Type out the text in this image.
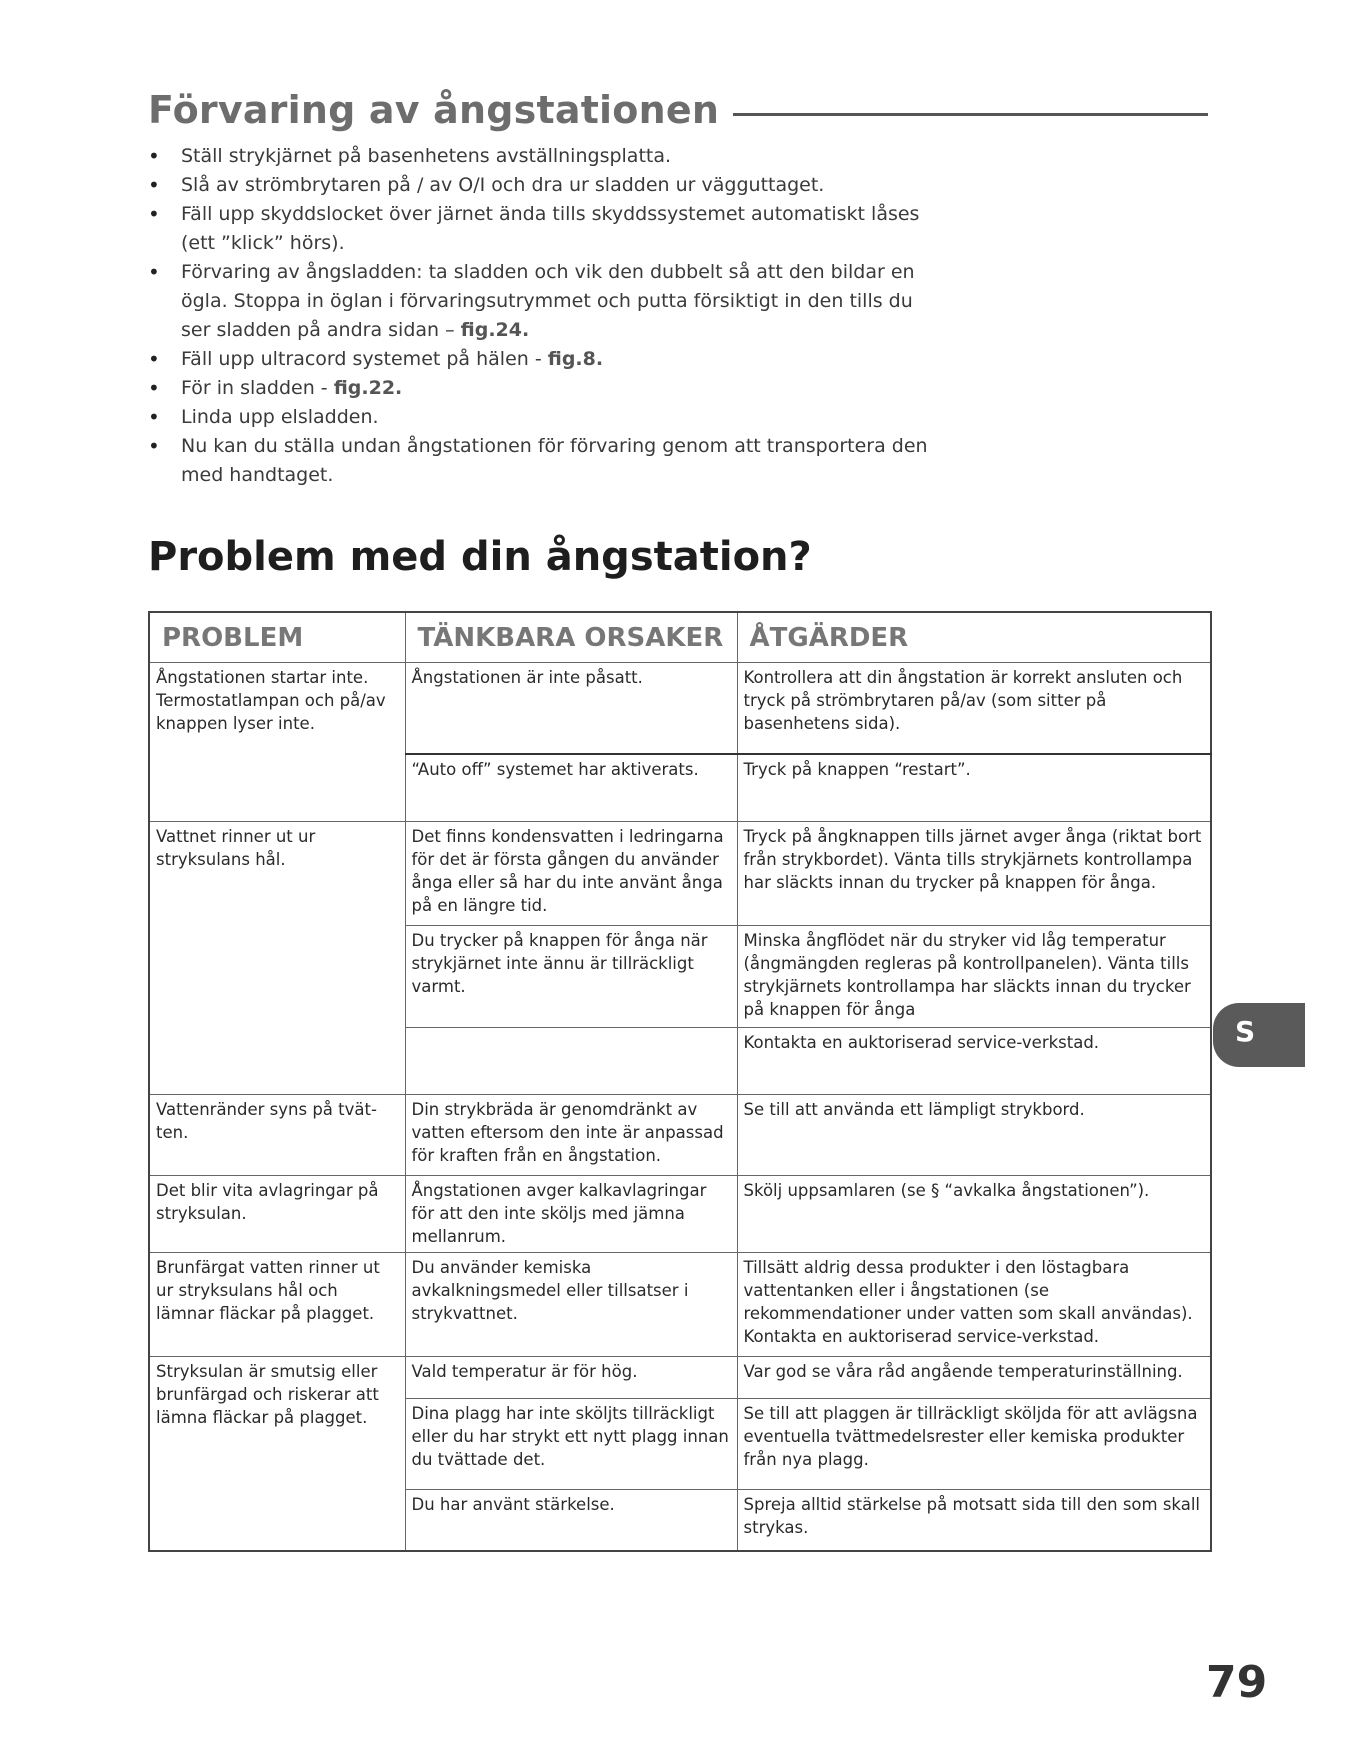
Förvaring av ångstationen
• Ställ strykjärnet på basenhetens avställningsplatta.
• Slå av strömbrytaren på / av O/I och dra ur sladden ur vägguttaget.
• Fäll upp skyddslocket över järnet ända tills skyddssystemet automatiskt låses (ett ”klick” hörs).
• Förvaring av ångsladden: ta sladden och vik den dubbelt så att den bildar en ögla. Stoppa in öglan i förvaringsutrymmet och putta försiktigt in den tills du ser sladden på andra sidan – fig.24.
• Fäll upp ultracord systemet på hälen - fig.8.
• För in sladden - fig.22.
• Linda upp elsladden.
• Nu kan du ställa undan ångstationen för förvaring genom att transportera den med handtaget.
Problem med din ångstation?
PROBLEM	TÄNKBARA ORSAKER	ÅTGÄRDER
Ångstationen startar inte. Termostatlampan och på/av knappen lyser inte.	Ångstationen är inte påsatt.	Kontrollera att din ångstation är korrekt ansluten och tryck på strömbrytaren på/av (som sitter på basenhetens sida).
	“Auto off” systemet har aktiverats.	Tryck på knappen “restart”.
Vattnet rinner ut ur stryksulans hål.	Det finns kondensvatten i ledringarna för det är första gången du använder ånga eller så har du inte använt ånga på en längre tid.	Tryck på ångknappen tills järnet avger ånga (riktat bort från strykbordet). Vänta tills strykjärnets kontrollampa har släckts innan du trycker på knappen för ånga.
	Du trycker på knappen för ånga när strykjärnet inte ännu är tillräckligt varmt.	Minska ångflödet när du stryker vid låg temperatur (ångmängden regleras på kontrollpanelen). Vänta tills strykjärnets kontrollampa har släckts innan du trycker på knappen för ånga
		Kontakta en auktoriserad service-verkstad.
Vattenränder syns på tvät-ten.	Din strykbräda är genomdränkt av vatten eftersom den inte är anpassad för kraften från en ångstation.	Se till att använda ett lämpligt strykbord.
Det blir vita avlagringar på stryksulan.	Ångstationen avger kalkavlagringar för att den inte sköljs med jämna mellanrum.	Skölj uppsamlaren (se § “avkalka ångstationen”).
Brunfärgat vatten rinner ut ur stryksulans hål och lämnar fläckar på plagget.	Du använder kemiska avkalkningsmedel eller tillsatser i strykvattnet.	Tillsätt aldrig dessa produkter i den löstagbara vattentanken eller i ångstationen (se rekommendationer under vatten som skall användas). Kontakta en auktoriserad service-verkstad.
Stryksulan är smutsig eller brunfärgad och riskerar att lämna fläckar på plagget.	Vald temperatur är för hög.	Var god se våra råd angående temperaturinställning.
	Dina plagg har inte sköljts tillräckligt eller du har strykt ett nytt plagg innan du tvättade det.	Se till att plaggen är tillräckligt sköljda för att avlägsna eventuella tvättmedelsrester eller kemiska produkter från nya plagg.
	Du har använt stärkelse.	Spreja alltid stärkelse på motsatt sida till den som skall strykas.
S
79
